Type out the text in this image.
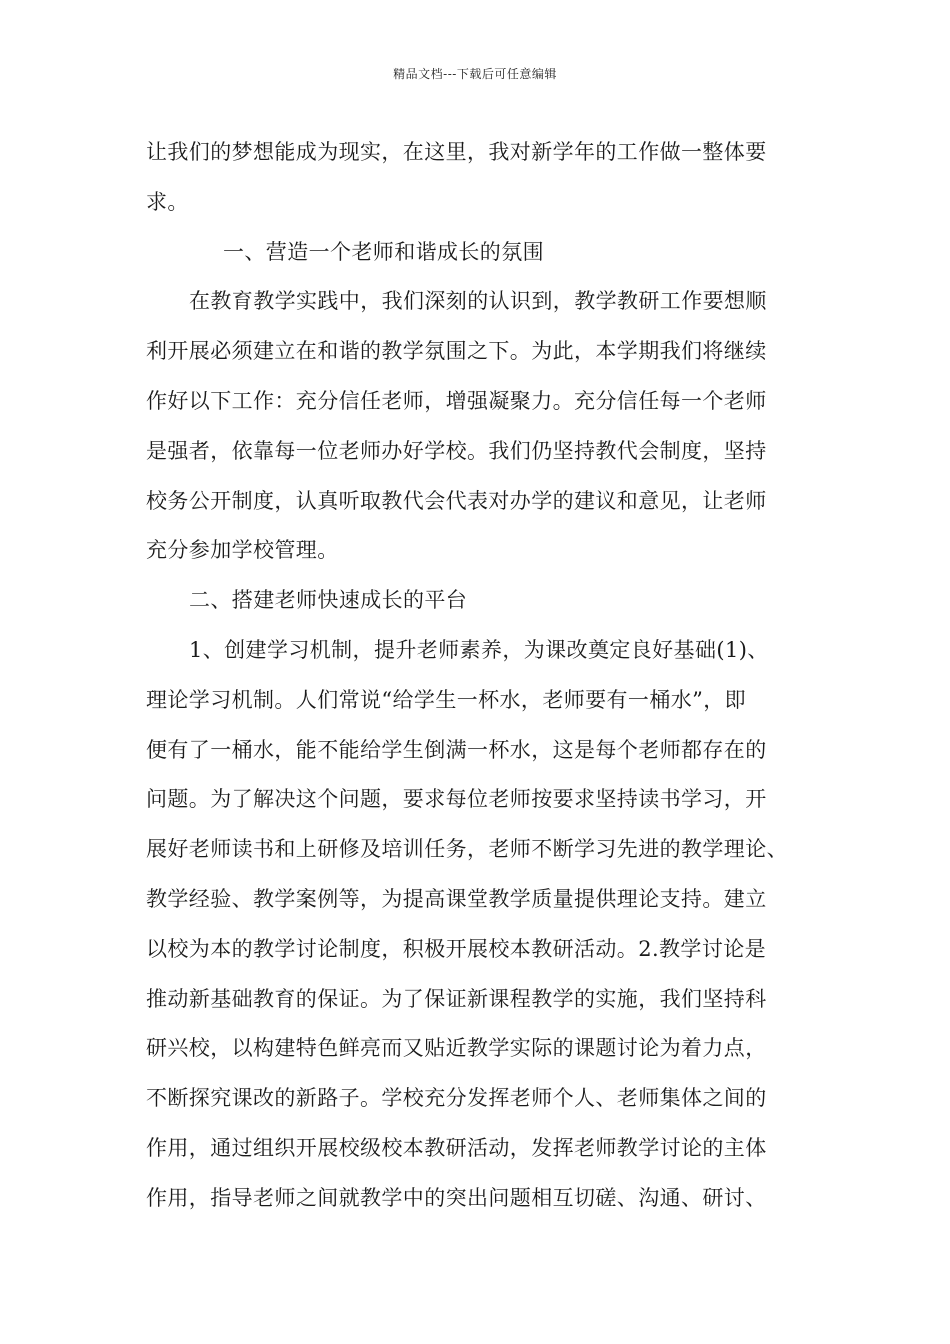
精品文档---下载后可任意编辑
让我们的梦想能成为现实，在这里，我对新学年的工作做一整体要
求。
一、营造一个老师和谐成长的氛围
在教育教学实践中，我们深刻的认识到，教学教研工作要想顺
利开展必须建立在和谐的教学氛围之下。为此，本学期我们将继续
作好以下工作：充分信任老师，增强凝聚力。充分信任每一个老师
是强者，依靠每一位老师办好学校。我们仍坚持教代会制度，坚持
校务公开制度，认真听取教代会代表对办学的建议和意见，让老师
充分参加学校管理。
二、搭建老师快速成长的平台
1、创建学习机制，提升老师素养，为课改奠定良好基础(1)、
理论学习机制。人们常说“给学生一杯水，老师要有一桶水”，即
便有了一桶水，能不能给学生倒满一杯水，这是每个老师都存在的
问题。为了解决这个问题，要求每位老师按要求坚持读书学习，开
展好老师读书和上研修及培训任务，老师不断学习先进的教学理论、
教学经验、教学案例等，为提高课堂教学质量提供理论支持。建立
以校为本的教学讨论制度，积极开展校本教研活动。2.教学讨论是
推动新基础教育的保证。为了保证新课程教学的实施，我们坚持科
研兴校，以构建特色鲜亮而又贴近教学实际的课题讨论为着力点，
不断探究课改的新路子。学校充分发挥老师个人、老师集体之间的
作用，通过组织开展校级校本教研活动，发挥老师教学讨论的主体
作用，指导老师之间就教学中的突出问题相互切磋、沟通、研讨、
